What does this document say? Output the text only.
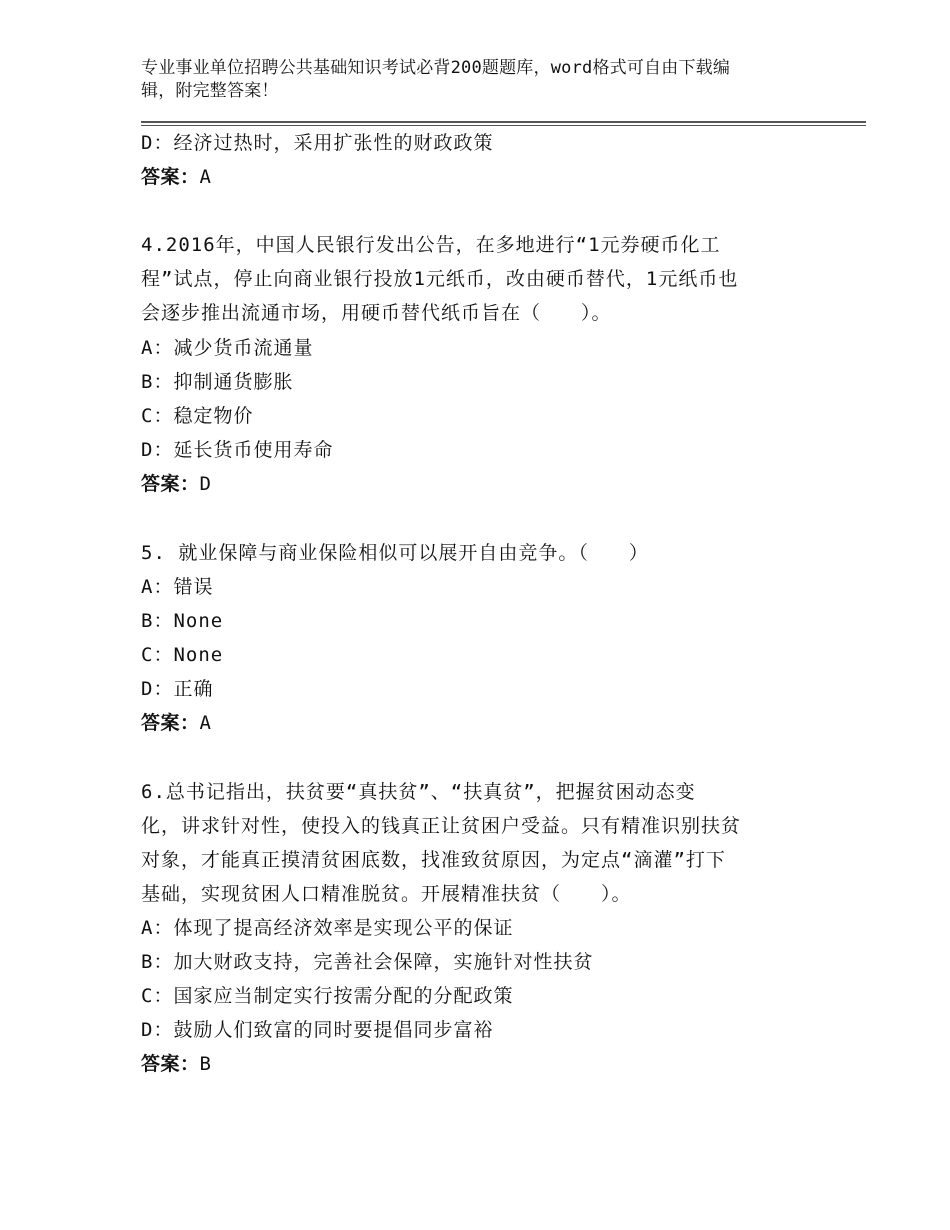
专业事业单位招聘公共基础知识考试必背200题题库，word格式可自由下载编
辑，附完整答案！
D：经济过热时，采用扩张性的财政政策
答案：A
4.2016年，中国人民银行发出公告，在多地进行“1元券硬币化工
程”试点，停止向商业银行投放1元纸币，改由硬币替代，1元纸币也
会逐步推出流通市场，用硬币替代纸币旨在（　　）。
A：减少货币流通量
B：抑制通货膨胀
C：稳定物价
D：延长货币使用寿命
答案：D
5. 就业保障与商业保险相似可以展开自由竞争。（　　）
A：错误
B：None
C：None
D：正确
答案：A
6.总书记指出，扶贫要“真扶贫”、“扶真贫”，把握贫困动态变
化，讲求针对性，使投入的钱真正让贫困户受益。只有精准识别扶贫
对象，才能真正摸清贫困底数，找准致贫原因，为定点“滴灌”打下
基础，实现贫困人口精准脱贫。开展精准扶贫（　　）。
A：体现了提高经济效率是实现公平的保证
B：加大财政支持，完善社会保障，实施针对性扶贫
C：国家应当制定实行按需分配的分配政策
D：鼓励人们致富的同时要提倡同步富裕
答案：B
